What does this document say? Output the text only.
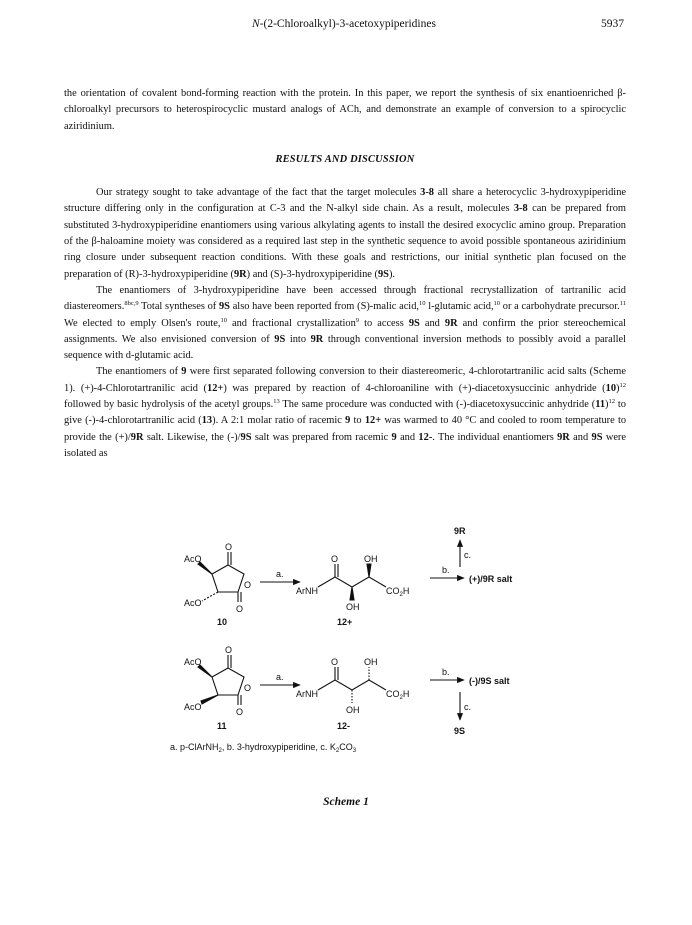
N-(2-Chloroalkyl)-3-acetoxypiperidines	5937

the orientation of covalent bond-forming reaction with the protein. In this paper, we report the synthesis of six enantioenriched β-chloroalkyl precursors to heterospirocyclic mustard analogs of ACh, and demonstrate an example of conversion to a spirocyclic aziridinium.

RESULTS AND DISCUSSION

Our strategy sought to take advantage of the fact that the target molecules 3-8 all share a heterocyclic 3-hydroxypiperidine structure differing only in the configuration at C-3 and the N-alkyl side chain. As a result, molecules 3-8 can be prepared from substituted 3-hydroxypiperidine enantiomers using various alkylating agents to install the desired exocyclic amino group. Preparation of the β-haloamine moiety was considered as a required last step in the synthetic sequence to avoid possible spontaneous aziridinium ring closure under subsequent reaction conditions. With these goals and restrictions, our initial synthetic plan focused on the preparation of (R)-3-hydroxypiperidine (9R) and (S)-3-hydroxypiperidine (9S).

The enantiomers of 3-hydroxypiperidine have been accessed through fractional recrystallization of tartranilic acid diastereomers.$^{8bc,9}$ Total syntheses of 9S also have been reported from (S)-malic acid,$^{10}$ l-glutamic acid,$^{10}$ or a carbohydrate precursor.$^{11}$ We elected to emply Olsen's route,$^{10}$ and fractional crystallization$^9$ to access 9S and 9R and confirm the prior stereochemical assignments. We also envisioned conversion of 9S into 9R through conventional inversion methods to possibly avoid a parallel sequence with d-glutamic acid.

The enantiomers of 9 were first separated following conversion to their diastereomeric, 4-chlorotartranilic acid salts (Scheme 1). (+)-4-Chlorotartranilic acid (12+) was prepared by reaction of 4-chloroaniline with (+)-diacetoxysuccinic anhydride $(10)^{12}$ followed by basic hydrolysis of the acetyl groups.$^{13}$ The same procedure was conducted with (-)-diacetoxysuccinic anhydride $(11)^{12}$ to give (-)-4-chlorotartranilic acid (13). A 2:1 molar ratio of racemic 9 to 12+ was warmed to 40 °C and cooled to room temperature to provide the (+)/9R salt. Likewise, the (-)/9S salt was prepared from racemic 9 and 12-. The individual enantiomers 9R and 9S were isolated as

9R
c.
AcO
AcO
O
O
O
a.
O	OH
ArNH	$CO_2H$
OH
b.
(+)/9R salt
10	12+
O
AcO
O
AcO	O
a.
O	OH
ArNH	$CO_2H$
OH
b.
(-)/9S salt
c.
11	12-	9S
a. p-ClArNH$_2$, b. 3-hydroxypiperidine, c. $K_2CO_3$
Scheme 1
